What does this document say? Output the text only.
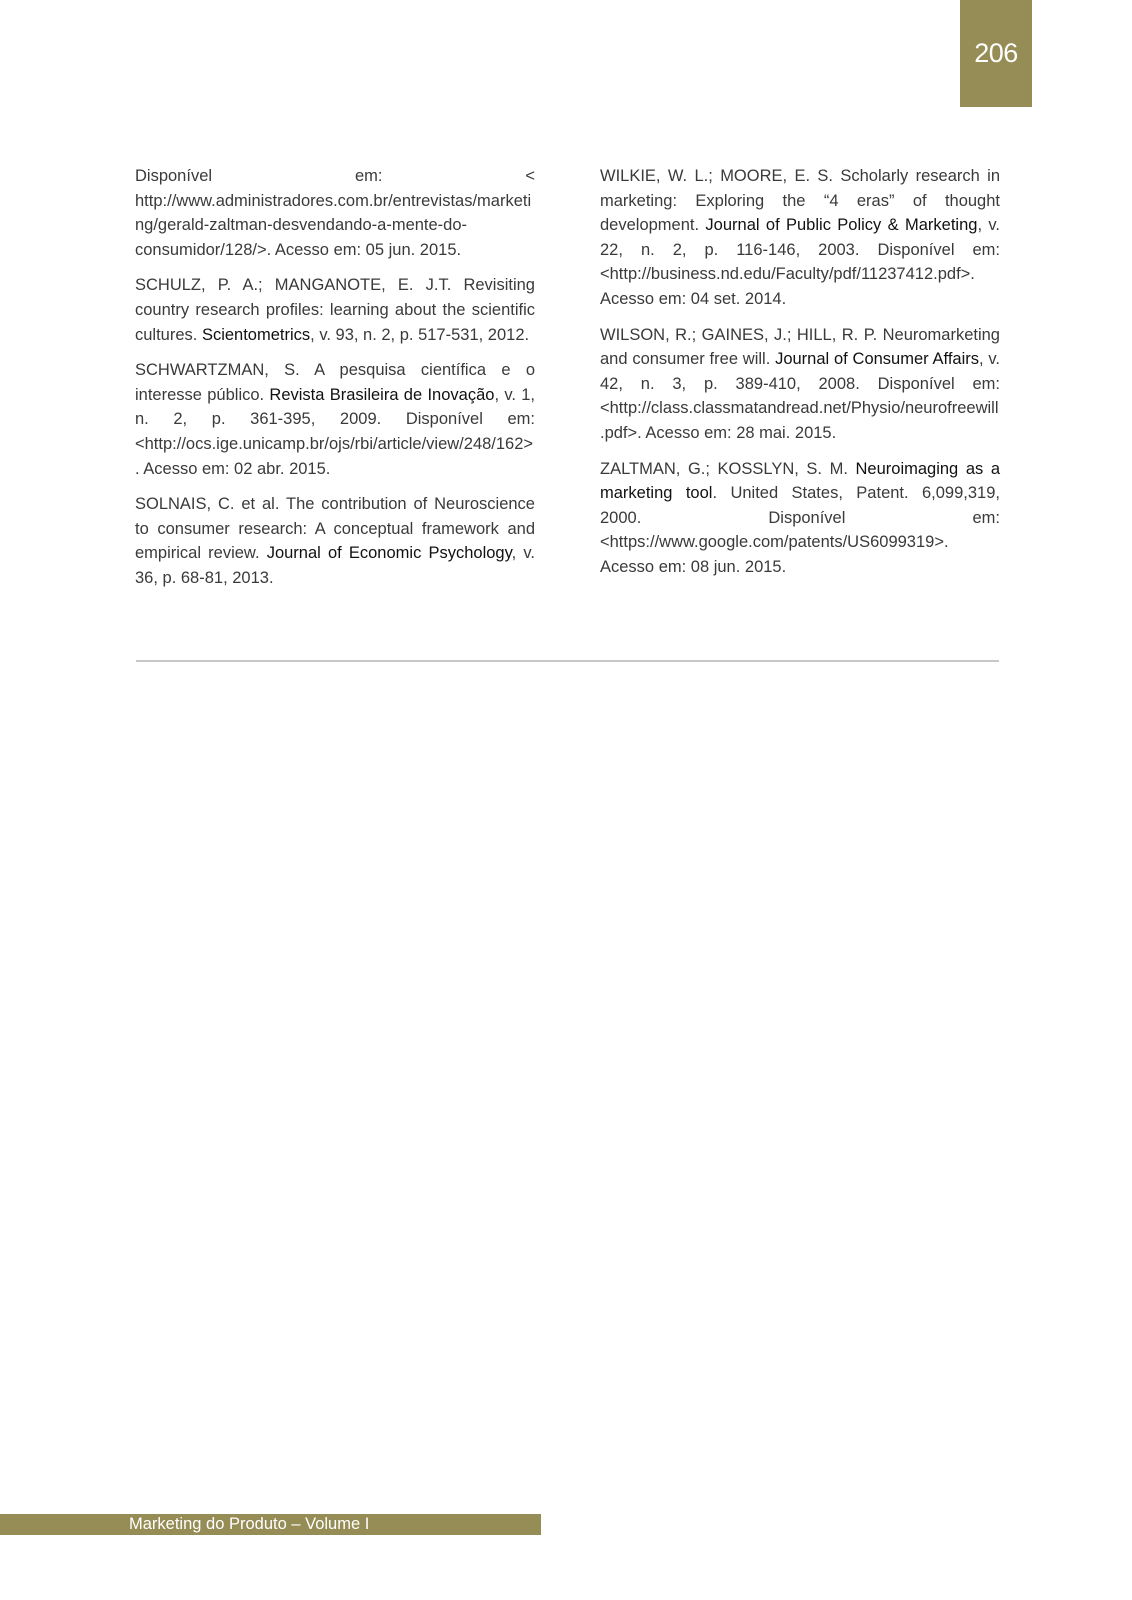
206

Disponível em: < http://www.administradores.com.br/entrevistas/marketing/gerald-zaltman-desvendando-a-mente-do-consumidor/128/>. Acesso em: 05 jun. 2015.

SCHULZ, P. A.; MANGANOTE, E. J.T. Revisiting country research profiles: learning about the scientific cultures. Scientometrics, v. 93, n. 2, p. 517-531, 2012.

SCHWARTZMAN, S. A pesquisa científica e o interesse público. Revista Brasileira de Inovação, v. 1, n. 2, p. 361-395, 2009. Disponível em: <http://ocs.ige.unicamp.br/ojs/rbi/article/view/248/162>. Acesso em: 02 abr. 2015.

SOLNAIS, C. et al. The contribution of Neuroscience to consumer research: A conceptual framework and empirical review. Journal of Economic Psychology, v. 36, p. 68-81, 2013.

WILKIE, W. L.; MOORE, E. S. Scholarly research in marketing: Exploring the “4 eras” of thought development. Journal of Public Policy & Marketing, v. 22, n. 2, p. 116-146, 2003. Disponível em: <http://business.nd.edu/Faculty/pdf/11237412.pdf>. Acesso em: 04 set. 2014.

WILSON, R.; GAINES, J.; HILL, R. P. Neuromarketing and consumer free will. Journal of Consumer Affairs, v. 42, n. 3, p. 389-410, 2008. Disponível em: <http://class.classmatandread.net/Physio/neurofreewill.pdf>. Acesso em: 28 mai. 2015.

ZALTMAN, G.; KOSSLYN, S. M. Neuroimaging as a marketing tool. United States, Patent. 6,099,319, 2000. Disponível em: <https://www.google.com/patents/US6099319>. Acesso em: 08 jun. 2015.

Marketing do Produto – Volume I
